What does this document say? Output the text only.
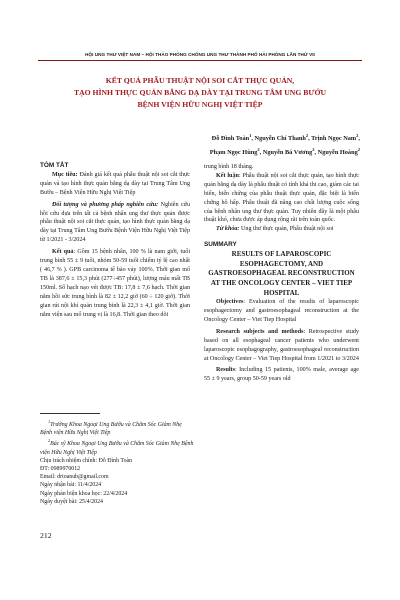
HỘI UNG THƯ VIỆT NAM – HỘI THẢO PHÒNG CHỐNG UNG THƯ THÀNH PHỐ HẢI PHÒNG LẦN THỨ VII
KẾT QUẢ PHẪU THUẬT NỘI SOI CẮT THỰC QUẢN,
TẠO HÌNH THỰC QUẢN BẰNG DẠ DÀY TẠI TRUNG TÂM UNG BƯỚU
BỆNH VIỆN HỮU NGHỊ VIỆT TIỆP
Đỗ Đình Toàn$^1$, Nguyễn Chí Thanh$^2$, Trịnh Ngọc Nam$^2$,
Phạm Ngọc Hùng$^2$, Nguyễn Bá Vương$^2$, Nguyễn Hoàng$^2$

TÓM TẮT

Mục tiêu: Đánh giá kết quả phẫu thuật nội soi cắt thực quản và tạo hình thực quản bằng dạ dày tại Trung Tâm Ung Bướu – Bệnh Viện Hữu Nghị Việt Tiệp

Đối tượng và phương pháp nghiên cứu: Nghiên cứu hồi cứu dựa trên tất cả bệnh nhân ung thư thực quản được phẫu thuật nội soi cắt thực quản, tạo hình thực quản bằng dạ dày tại Trung Tâm Ung Bướu Bệnh Viện Hữu Nghị Việt Tiệp từ 1/2021 - 3/2024

Kết quả: Gồm 15 bệnh nhân, 100 % là nam giới, tuổi trung bình 55 ± 9 tuổi, nhóm 50-59 tuổi chiếm tỷ lệ cao nhất ( 46,7 % ). GPB carcinoma tế bào vảy 100%. Thời gian mổ TB là 387,6 ± 15,3 phút (277÷457 phút), lượng máu mất TB 150ml. Số hạch nạo vét được TB: 17,8 ± 7,6 hạch. Thời gian nằm hồi sức trung bình là 82 ± 12,2 giờ (60 ÷ 120 giờ). Thời gian rút nội khí quản trung bình là 22,3 ± 4,1 giờ. Thời gian nằm viện sau mổ trung vị là 16,8. Thời gian theo dõi

$^1$Trường Khoa Ngoại Ung Bướu và Chăm Sóc Giảm Nhẹ Bệnh viện Hữu Nghị Việt Tiệp

$^2$Bác sỹ Khoa Ngoại Ung Bướu và Chăm Sóc Giảm Nhẹ Bệnh viện Hữu Nghị Việt Tiệp

Chịu trách nhiệm chính: Đỗ Đình Toàn

ĐT: 0989970012

Email: drtoanub@gmail.com

Ngày nhận bài: 11/4/2024

Ngày phản biện khoa học: 22/4/2024

Ngày duyệt bài: 25/4/2024

trung bình 18 tháng.

Kết luận: Phẫu thuật nội soi cắt thực quản, tạo hình thực quản bằng dạ dày là phẫu thuật có tính khả thi cao, giảm các tai biến, biến chứng của phẫu thuật thực quản, đặc biệt là biến chứng hô hấp. Phẫu thuật đã nâng cao chất lượng cuộc sống của bệnh nhân ung thư thực quản. Tuy nhiên đây là một phẫu thuật khó, chưa được áp dụng rộng rãi trên toàn quốc.

Từ khóa: Ung thư thực quản, Phẫu thuật nội soi

SUMMARY

RESULTS OF LAPAROSCOPIC ESOPHAGECTOMY, AND GASTROESOPHAGEAL RECONSTRUCTION AT THE ONCOLOGY CENTER – VIET TIEP HOSPITAL

Objectives: Evaluation of the results of laparoscopic esophagectomy and gastroesophageal reconstruction at the Oncology Center – Viet Tiep Hospital

Research subjects and methods: Retrospective study based on all esophageal cancer patients who underwent laparoscopic esophagography, gastroesophageal reconstruction at Oncology Center – Viet Tiep Hospital from 1/2021 to 3/2024

Results: Including 15 patients, 100% male, average age 55 ± 9 years, group 50-59 years old

212
